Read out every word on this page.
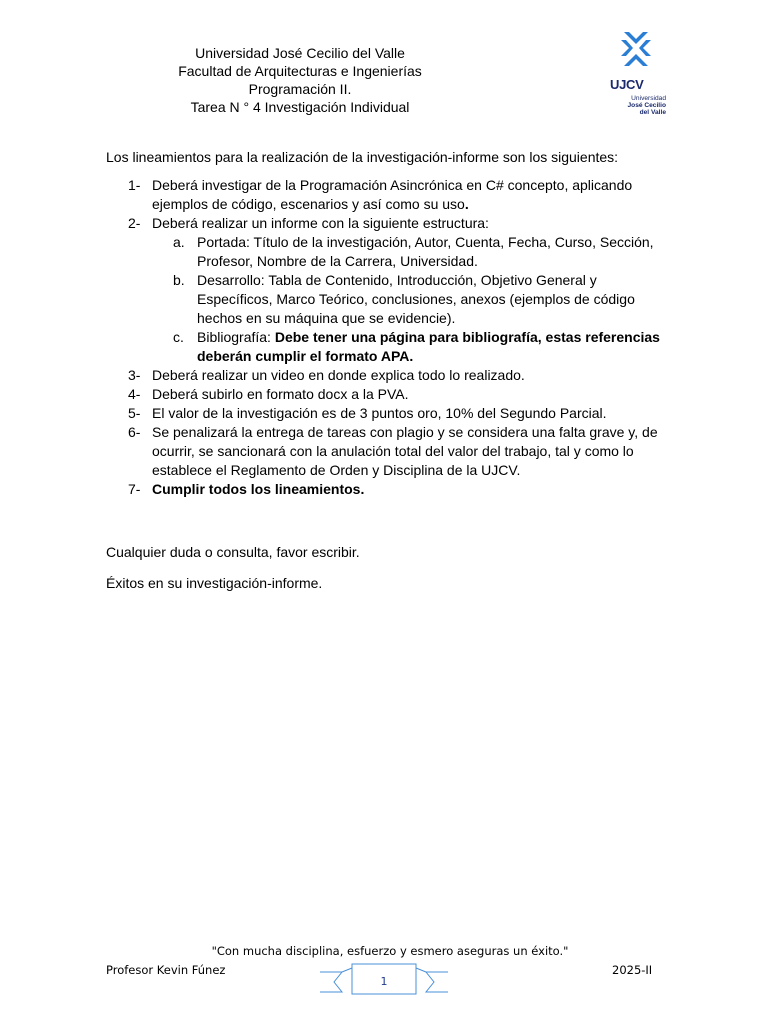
Universidad José Cecilio del Valle
Facultad de Arquitecturas e Ingenierías
Programación II.
Tarea N ° 4 Investigación Individual
UJCV
Universidad
José Cecilio
del Valle
Los lineamientos para la realización de la investigación-informe son los siguientes:
1- Deberá investigar de la Programación Asincrónica en C# concepto, aplicando ejemplos de código, escenarios y así como su uso.
2- Deberá realizar un informe con la siguiente estructura:
a. Portada: Título de la investigación, Autor, Cuenta, Fecha, Curso, Sección, Profesor, Nombre de la Carrera, Universidad.
b. Desarrollo: Tabla de Contenido, Introducción, Objetivo General y Específicos, Marco Teórico, conclusiones, anexos (ejemplos de código hechos en su máquina que se evidencie).
c. Bibliografía: Debe tener una página para bibliografía, estas referencias deberán cumplir el formato APA.
3- Deberá realizar un video en donde explica todo lo realizado.
4- Deberá subirlo en formato docx a la PVA.
5- El valor de la investigación es de 3 puntos oro, 10% del Segundo Parcial.
6- Se penalizará la entrega de tareas con plagio y se considera una falta grave y, de ocurrir, se sancionará con la anulación total del valor del trabajo, tal y como lo establece el Reglamento de Orden y Disciplina de la UJCV.
7- Cumplir todos los lineamientos.
Cualquier duda o consulta, favor escribir.
Éxitos en su investigación-informe.
"Con mucha disciplina, esfuerzo y esmero aseguras un éxito."
Profesor Kevin Fúnez	2025-II
1
